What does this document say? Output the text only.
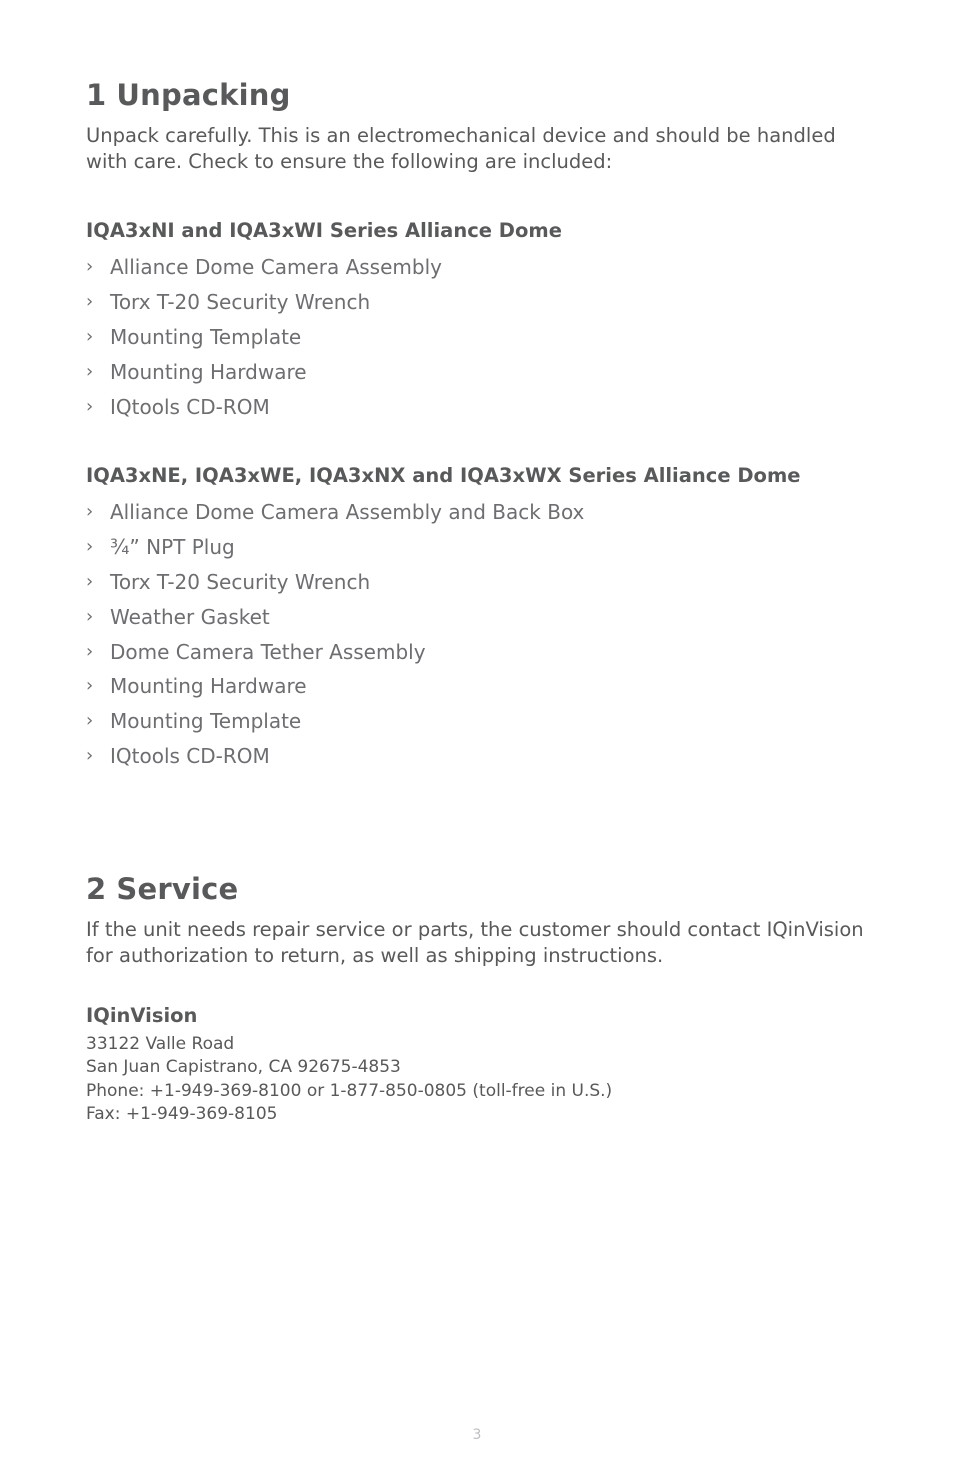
1 Unpacking

Unpack carefully. This is an electromechanical device and should be handled with care. Check to ensure the following are included:

IQA3xNI and IQA3xWI Series Alliance Dome
› Alliance Dome Camera Assembly
› Torx T-20 Security Wrench
› Mounting Template
› Mounting Hardware
› IQtools CD-ROM
IQA3xNE, IQA3xWE, IQA3xNX and IQA3xWX Series Alliance Dome
› Alliance Dome Camera Assembly and Back Box
› ¾” NPT Plug
› Torx T-20 Security Wrench
› Weather Gasket
› Dome Camera Tether Assembly
› Mounting Hardware
› Mounting Template
› IQtools CD-ROM
2 Service

If the unit needs repair service or parts, the customer should contact IQinVision for authorization to return, as well as shipping instructions.

IQinVision
33122 Valle Road
San Juan Capistrano, CA 92675-4853
Phone: +1-949-369-8100 or 1-877-850-0805 (toll-free in U.S.)
Fax: +1-949-369-8105
3
